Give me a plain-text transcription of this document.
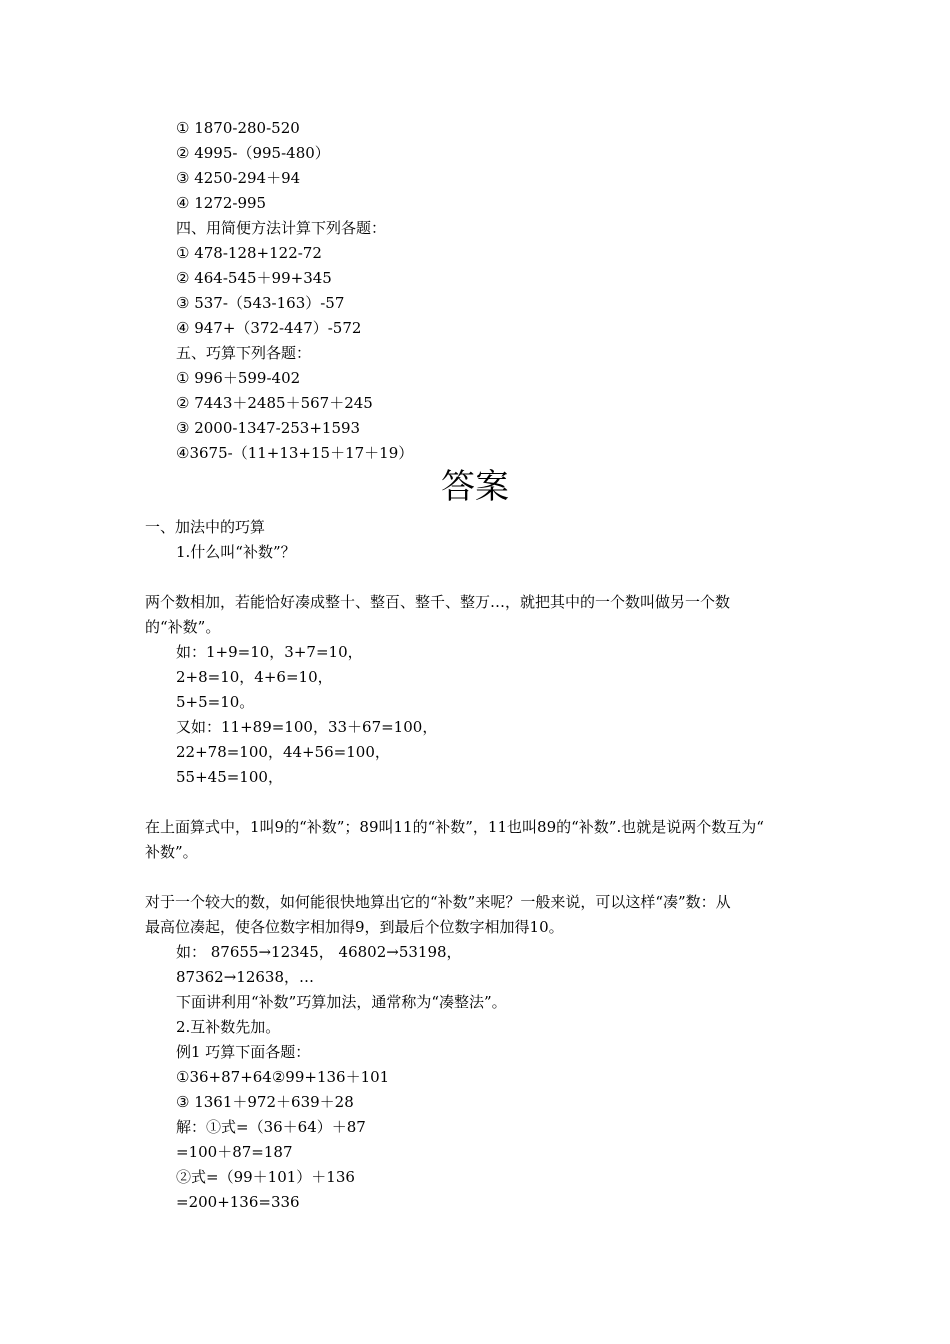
① 1870-280-520
② 4995-（995-480）
③ 4250-294＋94
④ 1272-995
四、用简便方法计算下列各题：
① 478-128+122-72
② 464-545＋99+345
③ 537-（543-163）-57
④ 947+（372-447）-572
五、巧算下列各题：
① 996＋599-402
② 7443＋2485＋567＋245
③ 2000-1347-253+1593
④3675-（11+13+15＋17＋19）
答案
一、加法中的巧算
1.什么叫“补数”？
两个数相加，若能恰好凑成整十、整百、整千、整万…，就把其中的一个数叫做另一个数
的“补数”。
如：1+9=10，3+7=10，
2+8=10，4+6=10，
5+5=10。
又如：11+89=100，33＋67=100，
22+78=100，44+56=100，
55+45=100，
在上面算式中，1叫9的“补数”；89叫11的“补数”，11也叫89的“补数”.也就是说两个数互为“
补数”。
对于一个较大的数，如何能很快地算出它的“补数”来呢？一般来说，可以这样“凑”数：从
最高位凑起，使各位数字相加得9，到最后个位数字相加得10。
如： 87655→12345， 46802→53198，
87362→12638，…
下面讲利用“补数”巧算加法，通常称为“凑整法”。
2.互补数先加。
例1 巧算下面各题：
①36+87+64②99+136＋101
③ 1361＋972＋639＋28
解：①式=（36＋64）＋87
=100＋87=187
②式=（99＋101）＋136
=200+136=336
